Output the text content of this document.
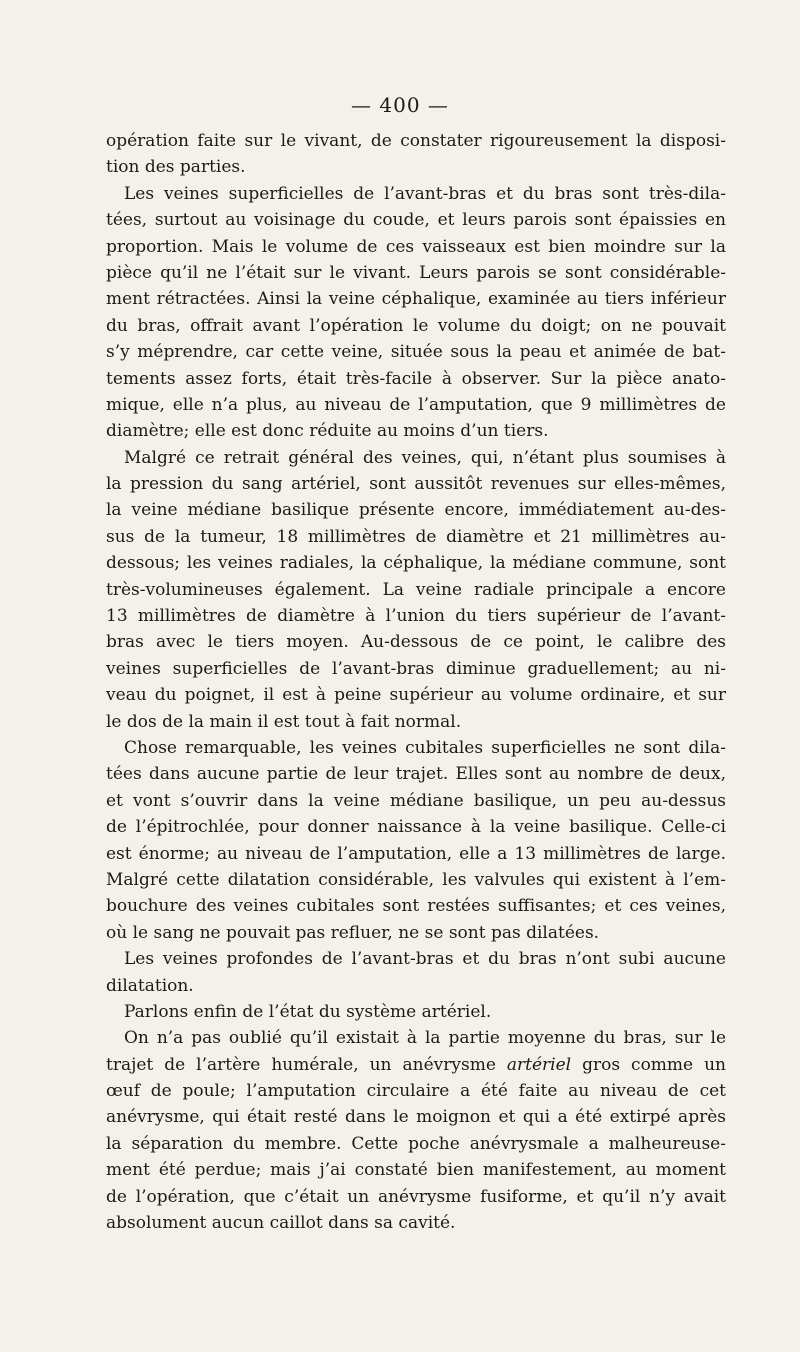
— 400 —
opération faite sur le vivant, de constater rigoureusement la disposi-
tion des parties.
Les veines superficielles de l’avant-bras et du bras sont très-dila-
tées, surtout au voisinage du coude, et leurs parois sont épaissies en
proportion. Mais le volume de ces vaisseaux est bien moindre sur la
pièce qu’il ne l’était sur le vivant. Leurs parois se sont considérable-
ment rétractées. Ainsi la veine céphalique, examinée au tiers inférieur
du bras, offrait avant l’opération le volume du doigt; on ne pouvait
s’y méprendre, car cette veine, située sous la peau et animée de bat-
tements assez forts, était très-facile à observer. Sur la pièce anato-
mique, elle n’a plus, au niveau de l’amputation, que 9 millimètres de
diamètre; elle est donc réduite au moins d’un tiers.
Malgré ce retrait général des veines, qui, n’étant plus soumises à
la pression du sang artériel, sont aussitôt revenues sur elles-mêmes,
la veine médiane basilique présente encore, immédiatement au-des-
sus de la tumeur, 18 millimètres de diamètre et 21 millimètres au-
dessous; les veines radiales, la céphalique, la médiane commune, sont
très-volumineuses également. La veine radiale principale a encore
13 millimètres de diamètre à l’union du tiers supérieur de l’avant-
bras avec le tiers moyen. Au-dessous de ce point, le calibre des
veines superficielles de l’avant-bras diminue graduellement; au ni-
veau du poignet, il est à peine supérieur au volume ordinaire, et sur
le dos de la main il est tout à fait normal.
Chose remarquable, les veines cubitales superficielles ne sont dila-
tées dans aucune partie de leur trajet. Elles sont au nombre de deux,
et vont s’ouvrir dans la veine médiane basilique, un peu au-dessus
de l’épitrochlée, pour donner naissance à la veine basilique. Celle-ci
est énorme; au niveau de l’amputation, elle a 13 millimètres de large.
Malgré cette dilatation considérable, les valvules qui existent à l’em-
bouchure des veines cubitales sont restées suffisantes; et ces veines,
où le sang ne pouvait pas refluer, ne se sont pas dilatées.
Les veines profondes de l’avant-bras et du bras n’ont subi aucune
dilatation.
Parlons enfin de l’état du système artériel.
On n’a pas oublié qu’il existait à la partie moyenne du bras, sur le
trajet de l’artère humérale, un anévrysme artériel gros comme un
œuf de poule; l’amputation circulaire a été faite au niveau de cet
anévrysme, qui était resté dans le moignon et qui a été extirpé après
la séparation du membre. Cette poche anévrysmale a malheureuse-
ment été perdue; mais j’ai constaté bien manifestement, au moment
de l’opération, que c’était un anévrysme fusiforme, et qu’il n’y avait
absolument aucun caillot dans sa cavité.
